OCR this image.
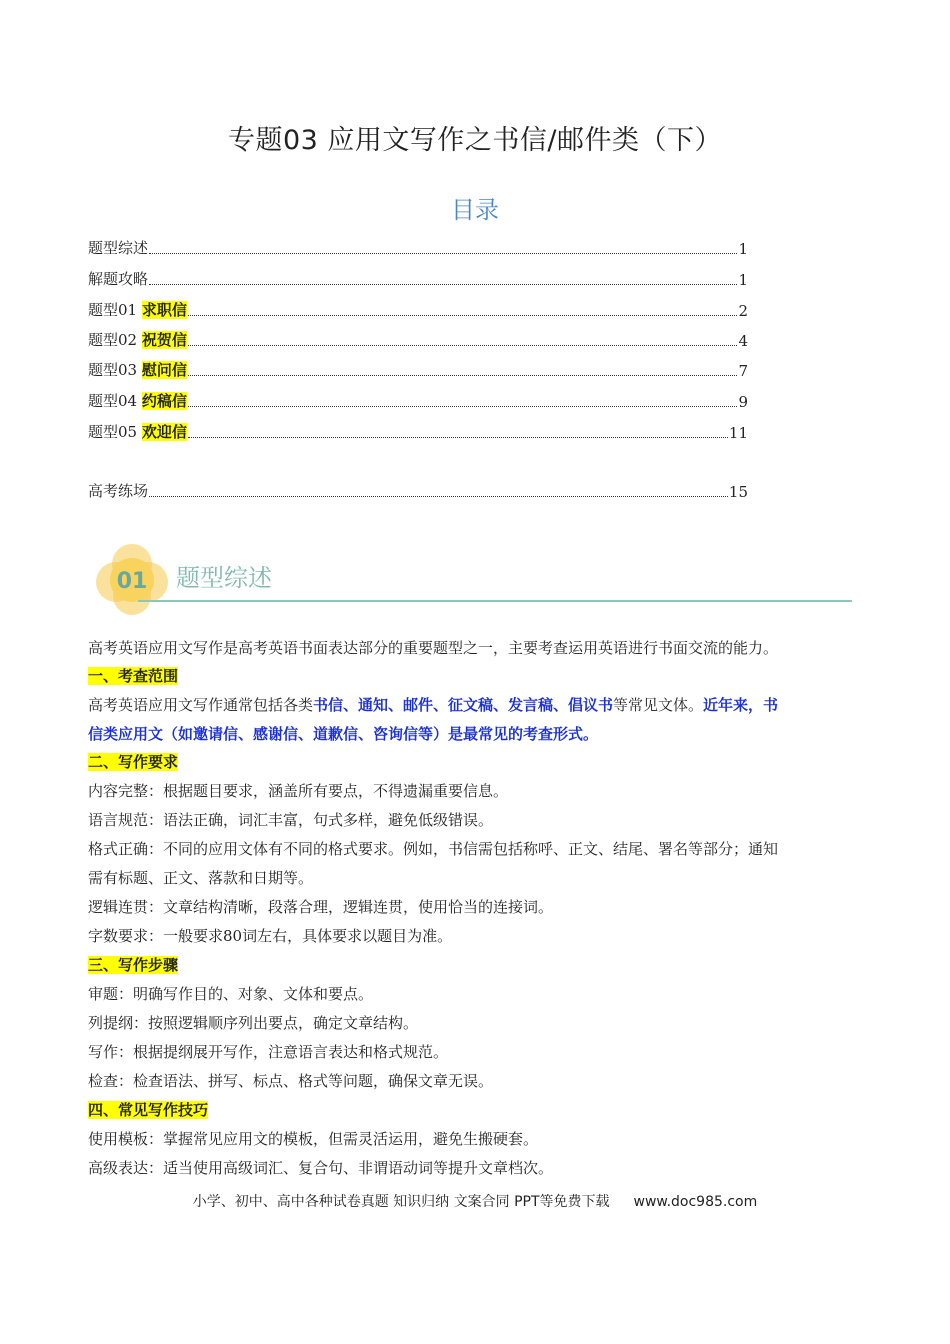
专题03 应用文写作之书信/邮件类（下）
目录
题型综述	1
解题攻略	1
题型01 求职信	2
题型02 祝贺信	4
题型03 慰问信	7
题型04 约稿信	9
题型05 欢迎信	11
高考练场	15
01 题型综述
高考英语应用文写作是高考英语书面表达部分的重要题型之一，主要考查运用英语进行书面交流的能力。
一、考查范围
高考英语应用文写作通常包括各类书信、通知、邮件、征文稿、发言稿、倡议书等常见文体。近年来，书
信类应用文（如邀请信、感谢信、道歉信、咨询信等）是最常见的考查形式。
二、写作要求
内容完整：根据题目要求，涵盖所有要点，不得遗漏重要信息。
语言规范：语法正确，词汇丰富，句式多样，避免低级错误。
格式正确：不同的应用文体有不同的格式要求。例如，书信需包括称呼、正文、结尾、署名等部分；通知
需有标题、正文、落款和日期等。
逻辑连贯：文章结构清晰，段落合理，逻辑连贯，使用恰当的连接词。
字数要求：一般要求80词左右，具体要求以题目为准。
三、写作步骤
审题：明确写作目的、对象、文体和要点。
列提纲：按照逻辑顺序列出要点，确定文章结构。
写作：根据提纲展开写作，注意语言表达和格式规范。
检查：检查语法、拼写、标点、格式等问题，确保文章无误。
四、常见写作技巧
使用模板：掌握常见应用文的模板，但需灵活运用，避免生搬硬套。
高级表达：适当使用高级词汇、复合句、非谓语动词等提升文章档次。
小学、初中、高中各种试卷真题 知识归纳 文案合同 PPT等免费下载 www.doc985.com
